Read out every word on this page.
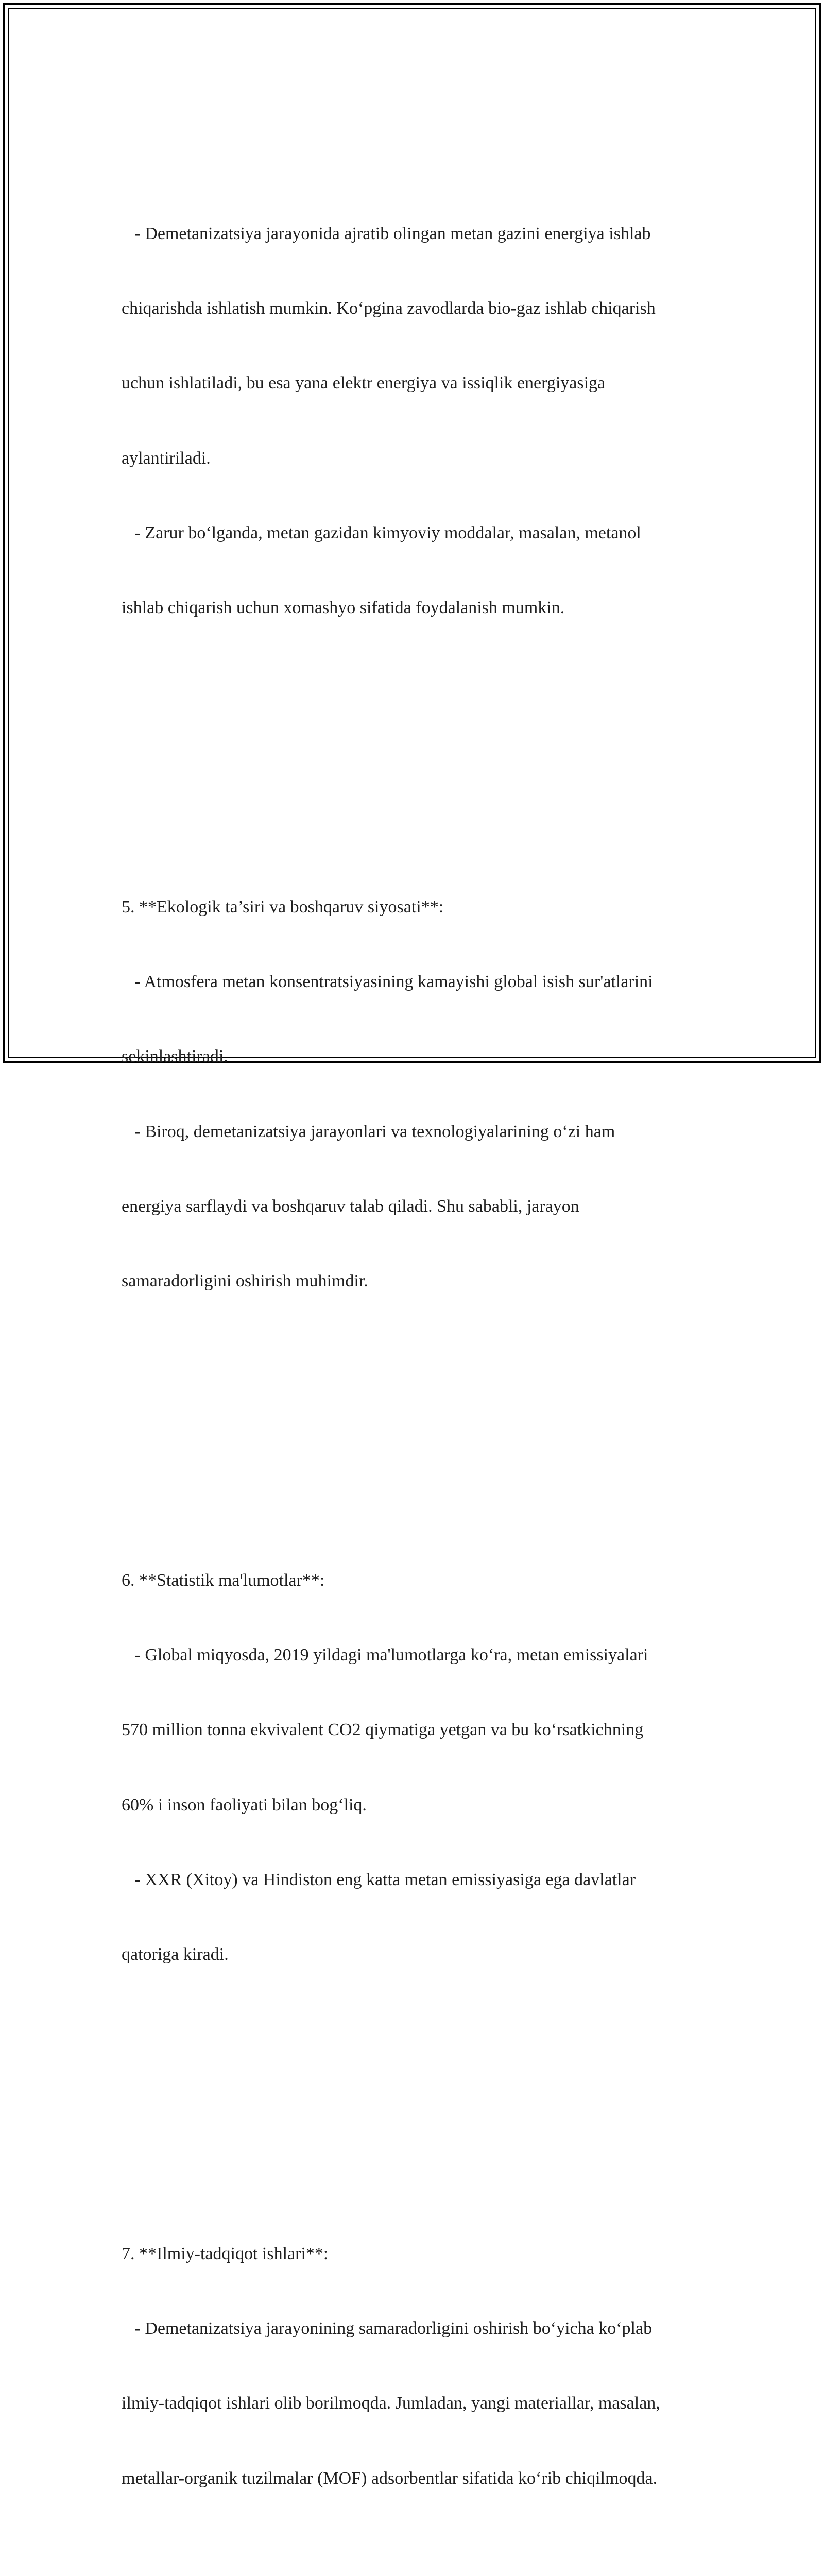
- Demetanizatsiya jarayonida ajratib olingan metan gazini energiya ishlab

chiqarishda ishlatish mumkin. Ko‘pgina zavodlarda bio-gaz ishlab chiqarish

uchun ishlatiladi, bu esa yana elektr energiya va issiqlik energiyasiga

aylantiriladi.

- Zarur bo‘lganda, metan gazidan kimyoviy moddalar, masalan, metanol

ishlab chiqarish uchun xomashyo sifatida foydalanish mumkin.

5. **Ekologik ta’siri va boshqaruv siyosati**:

- Atmosfera metan konsentratsiyasining kamayishi global isish sur'atlarini

sekinlashtiradi.

- Biroq, demetanizatsiya jarayonlari va texnologiyalarining o‘zi ham

energiya sarflaydi va boshqaruv talab qiladi. Shu sababli, jarayon

samaradorligini oshirish muhimdir.

6. **Statistik ma'lumotlar**:

- Global miqyosda, 2019 yildagi ma'lumotlarga ko‘ra, metan emissiyalari

570 million tonna ekvivalent CO2 qiymatiga yetgan va bu ko‘rsatkichning

60% i inson faoliyati bilan bog‘liq.

- XXR (Xitoy) va Hindiston eng katta metan emissiyasiga ega davlatlar

qatoriga kiradi.

7. **Ilmiy-tadqiqot ishlari**:

- Demetanizatsiya jarayonining samaradorligini oshirish bo‘yicha ko‘plab

ilmiy-tadqiqot ishlari olib borilmoqda. Jumladan, yangi materiallar, masalan,

metallar-organik tuzilmalar (MOF) adsorbentlar sifatida ko‘rib chiqilmoqda.
